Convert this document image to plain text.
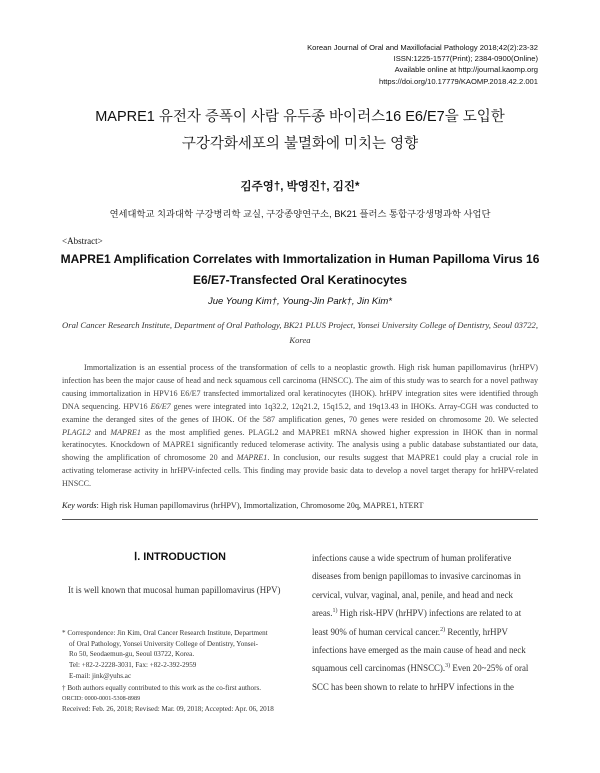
Korean Journal of Oral and Maxillofacial Pathology 2018;42(2):23-32
ISSN:1225-1577(Print); 2384-0900(Online)
Available online at http://journal.kaomp.org
https://doi.org/10.17779/KAOMP.2018.42.2.001
MAPRE1 유전자 증폭이 사람 유두종 바이러스16 E6/E7을 도입한
구강각화세포의 불멸화에 미치는 영향
김주영†, 박영진†, 김진*
연세대학교 치과대학 구강병리학 교실, 구강종양연구소, BK21 플러스 통합구강생명과학 사업단
<Abstract>
MAPRE1 Amplification Correlates with Immortalization in Human Papilloma Virus 16
E6/E7-Transfected Oral Keratinocytes
Jue Young Kim†, Young-Jin Park†, Jin Kim*
Oral Cancer Research Institute, Department of Oral Pathology, BK21 PLUS Project, Yonsei University College of Dentistry, Seoul 03722, Korea

Immortalization is an essential process of the transformation of cells to a neoplastic growth. High risk human papillomavirus (hrHPV) infection has been the major cause of head and neck squamous cell carcinoma (HNSCC). The aim of this study was to search for a novel pathway causing immortalization in HPV16 E6/E7 transfected immortalized oral keratinocytes (IHOK). hrHPV integration sites were identified through DNA sequencing. HPV16 E6/E7 genes were integrated into 1q32.2, 12q21.2, 15q15.2, and 19q13.43 in IHOKs. Array-CGH was conducted to examine the deranged sites of the genes of IHOK. Of the 587 amplification genes, 70 genes were resided on chromosome 20. We selected PLAGL2 and MAPRE1 as the most amplified genes. PLAGL2 and MAPRE1 mRNA showed higher expression in IHOK than in normal keratinocytes. Knockdown of MAPRE1 significantly reduced telomerase activity. The analysis using a public database substantiated our data, showing the amplification of chromosome 20 and MAPRE1. In conclusion, our results suggest that MAPRE1 could play a crucial role in activating telomerase activity in hrHPV-infected cells. This finding may provide basic data to develop a novel target therapy for hrHPV-related HNSCC.

Key words: High risk Human papillomavirus (hrHPV), Immortalization, Chromosome 20q, MAPRE1, hTERT
Ⅰ. INTRODUCTION
It is well known that mucosal human papillomavirus (HPV)
* Correspondence: Jin Kim, Oral Cancer Research Institute, Department
of Oral Pathology, Yonsei University College of Dentistry, Yonsei-
Ro 50, Seodaemun-gu, Seoul 03722, Korea.
Tel: +82-2-2228-3031, Fax: +82-2-392-2959
E-mail: jink@yuhs.ac
† Both authors equally contributed to this work as the co-first authors.
ORCID: 0000-0001-5308-8989
Received: Feb. 26, 2018; Revised: Mar. 09, 2018; Accepted: Apr. 06, 2018
infections cause a wide spectrum of human proliferative
diseases from benign papillomas to invasive carcinomas in
cervical, vulvar, vaginal, anal, penile, and head and neck
areas.$^{1)}$ High risk-HPV (hrHPV) infections are related to at
least 90% of human cervical cancer.$^{2)}$ Recently, hrHPV
infections have emerged as the main cause of head and neck
squamous cell carcinomas (HNSCC).$^{3)}$ Even 20~25% of oral
SCC has been shown to relate to hrHPV infections in the
